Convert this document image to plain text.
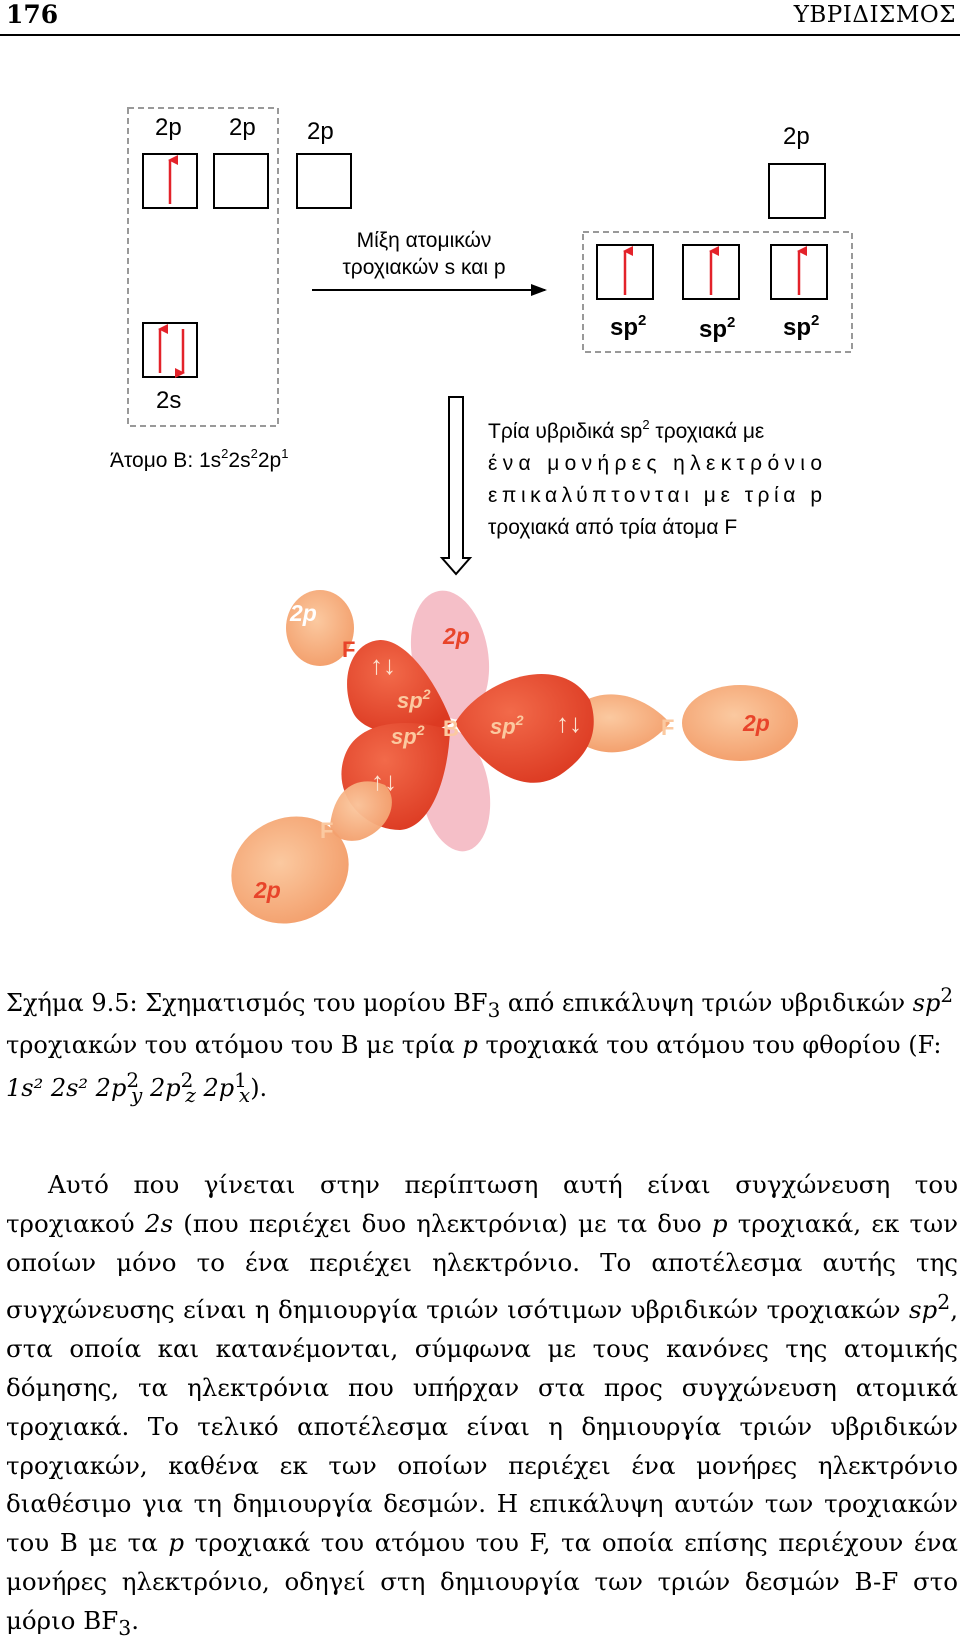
176	ΥΒΡΙΔΙΣΜΟΣ
2p 2p 2p
2s
Άτομο B: $1s^22s^22p^1$
Μίξη ατομικών
τροχιακών s και p
2p
$sp^2$ $sp^2$ $sp^2$
Τρία υβριδικά $sp^2$ τροχιακά με
ένα μονήρες ηλεκτρόνιο
επικαλύπτονται με τρία p
τροχιακά από τρία άτομα F
2p
2p
2p
2p
$sp^2$
$sp^2$	$sp^2$
B
F
F
F
↑↓
↑↓
↑↓
Σχήμα 9.5: Σχηματισμός του μορίου $BF_3$ από επικάλυψη τριών υβριδικών $sp^2$ τροχιακών του ατόμου του B με τρία p τροχιακά του ατόμου του φθορίου (F: 1s² 2s² $2p^2_y$ $2p^2_z$ $2p^1_x$).
Αυτό που γίνεται στην περίπτωση αυτή είναι συγχώνευση του τροχιακού 2s (που περιέχει δυο ηλεκτρόνια) με τα δυο p τροχιακά, εκ των οποίων μόνο το ένα περιέχει ηλεκτρόνιο. Το αποτέλεσμα αυτής της συγχώνευσης είναι η δημιουργία τριών ισότιμων υβριδικών τροχιακών $sp^2$, στα οποία και κατανέμονται, σύμφωνα με τους κανόνες της ατομικής δόμησης, τα ηλεκτρόνια που υπήρχαν στα προς συγχώνευση ατομικά τροχιακά. Το τελικό αποτέλεσμα είναι η δημιουργία τριών υβριδικών τροχιακών, καθένα εκ των οποίων περιέχει ένα μονήρες ηλεκτρόνιο διαθέσιμο για τη δημιουργία δεσμών. Η επικάλυψη αυτών των τροχιακών του B με τα p τροχιακά του ατόμου του F, τα οποία επίσης περιέχουν ένα μονήρες ηλεκτρόνιο, οδηγεί στη δημιουργία των τριών δεσμών B-F στο μόριο $BF_3$.
